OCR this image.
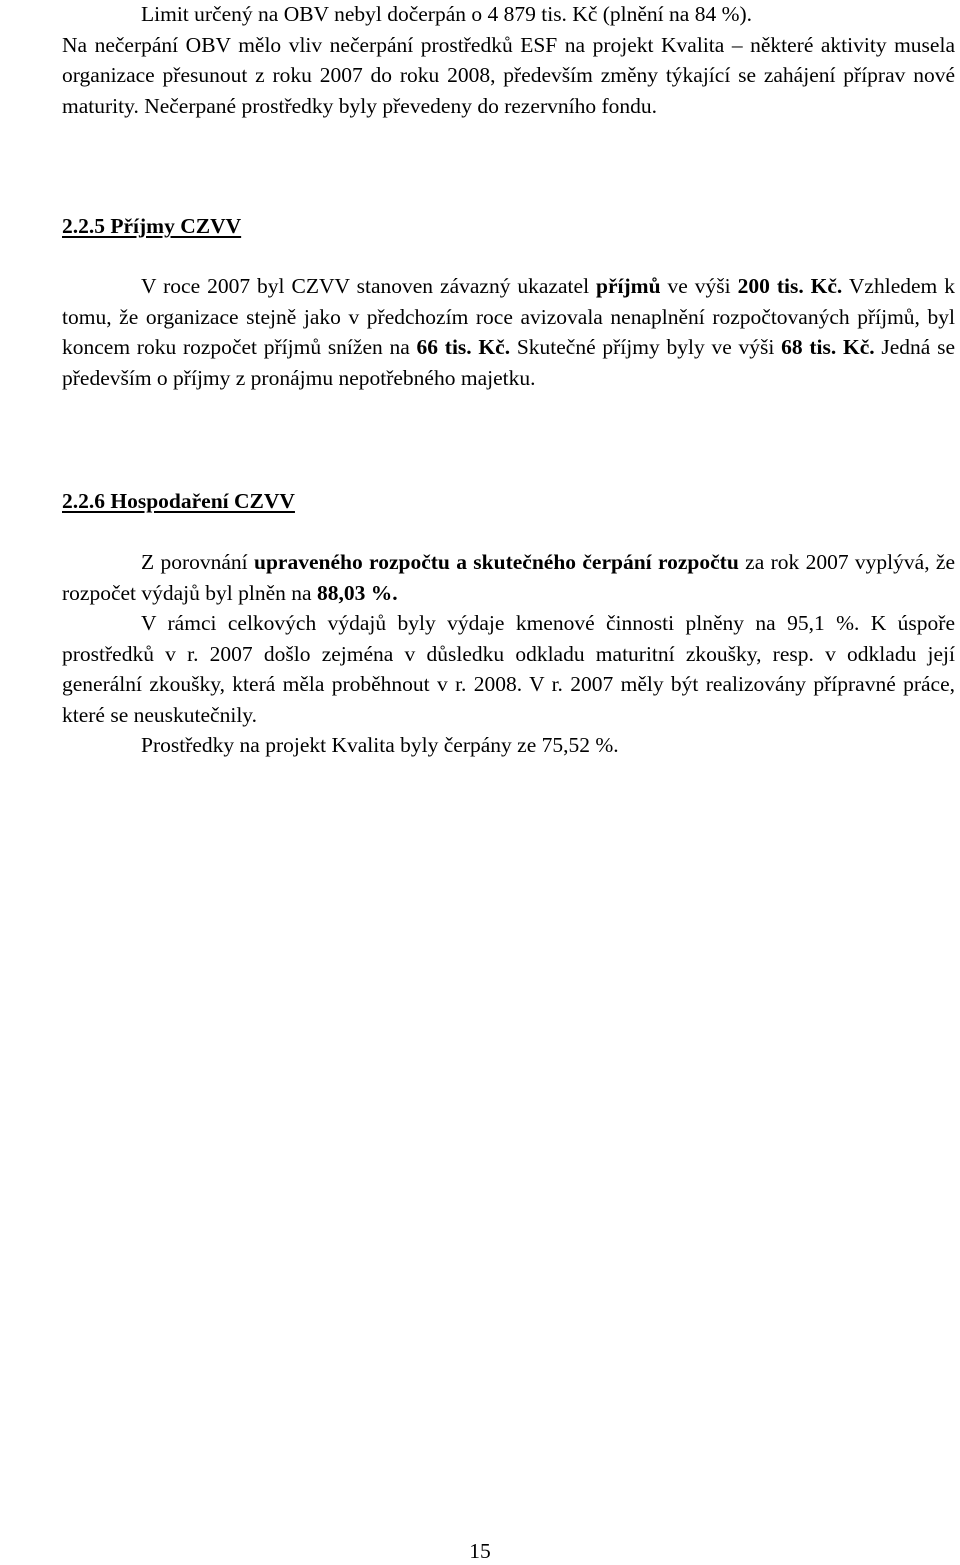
Limit určený na OBV nebyl dočerpán o 4 879 tis. Kč (plnění na 84 %).

Na nečerpání OBV mělo vliv nečerpání prostředků ESF na projekt Kvalita – některé aktivity musela organizace přesunout z roku 2007 do roku 2008, především změny týkající se zahájení příprav nové maturity. Nečerpané prostředky byly převedeny do rezervního fondu.

2.2.5 Příjmy CZVV

V roce 2007 byl CZVV stanoven závazný ukazatel příjmů ve výši 200 tis. Kč. Vzhledem k tomu, že organizace stejně jako v předchozím roce avizovala nenaplnění rozpočtovaných příjmů, byl koncem roku rozpočet příjmů snížen na 66 tis. Kč. Skutečné příjmy byly ve výši 68 tis. Kč. Jedná se především o příjmy z pronájmu nepotřebného majetku.

2.2.6 Hospodaření CZVV

Z porovnání upraveného rozpočtu a skutečného čerpání rozpočtu za rok 2007 vyplývá, že rozpočet výdajů byl plněn na 88,03 %.

V rámci celkových výdajů byly výdaje kmenové činnosti plněny na 95,1 %. K úspoře prostředků v r. 2007 došlo zejména v důsledku odkladu maturitní zkoušky, resp. v odkladu její generální zkoušky, která měla proběhnout v r. 2008. V r. 2007 měly být realizovány přípravné práce, které se neuskutečnily.

Prostředky na projekt Kvalita byly čerpány ze 75,52 %.

15
